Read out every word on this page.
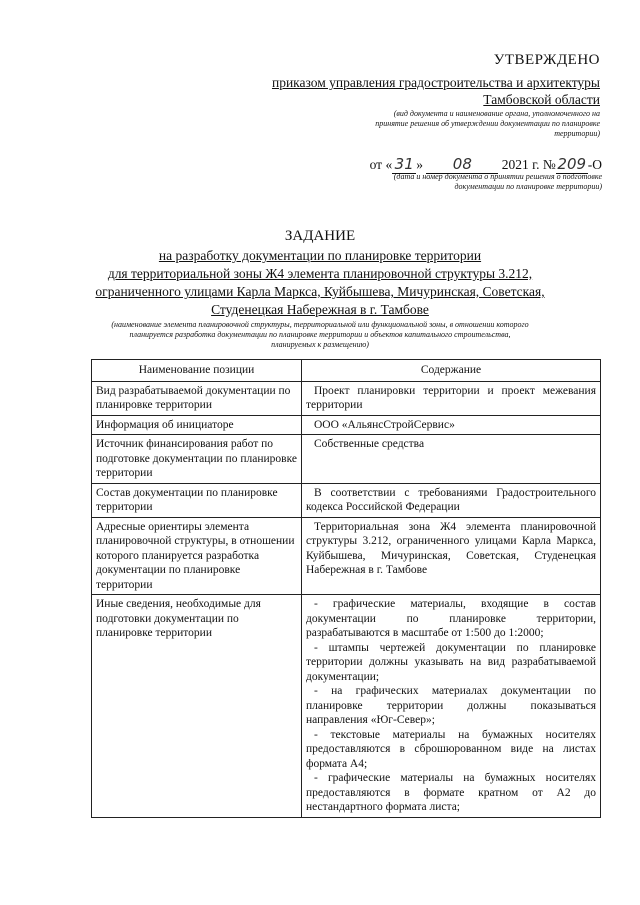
УТВЕРЖДЕНО
приказом управления градостроительства и архитектуры
Тамбовской области
(вид документа и наименование органа, уполномоченного на принятие решения об утверждении документации по планировке территории)
от « 31 » 08 2021 г. № 209 -О
(дата и номер документа о принятии решения о подготовке документации по планировке территории)
ЗАДАНИЕ
на разработку документации по планировке территории
для территориальной зоны Ж4 элемента планировочной структуры 3.212,
ограниченного улицами Карла Маркса, Куйбышева, Мичуринская, Советская,
Студенецкая Набережная в г. Тамбове
(наименование элемента планировочной структуры, территориальной или функциональной зоны, в отношении которого планируется разработка документации по планировке территории и объектов капитального строительства, планируемых к размещению)
Наименование позиции	Содержание
Вид разрабатываемой документации по планировке территории	Проект планировки территории и проект межевания территории

Информация об инициаторе	ООО «АльянсСтройСервис»

Источник финансирования работ по подготовке документации по планировке территории	Собственные средства

Состав документации по планировке территории	В соответствии с требованиями Градостроительного кодекса Российской Федерации

Адресные ориентиры элемента планировочной структуры, в отношении которого планируется разработка документации по планировке территории	Территориальная зона Ж4 элемента планировочной структуры 3.212, ограниченного улицами Карла Маркса, Куйбышева, Мичуринская, Советская, Студенецкая Набережная в г. Тамбове

Иные сведения, необходимые для подготовки документации по планировке территории	- графические материалы, входящие в состав документации по планировке территории, разрабатываются в масштабе от 1:500 до 1:2000;

- штампы чертежей документации по планировке территории должны указывать на вид разрабатываемой документации;

- на графических материалах документации по планировке территории должны показываться направления «Юг-Север»;

- текстовые материалы на бумажных носителях предоставляются в сброшюрованном виде на листах формата А4;

- графические материалы на бумажных носителях предоставляются в формате кратном от А2 до нестандартного формата листа;
